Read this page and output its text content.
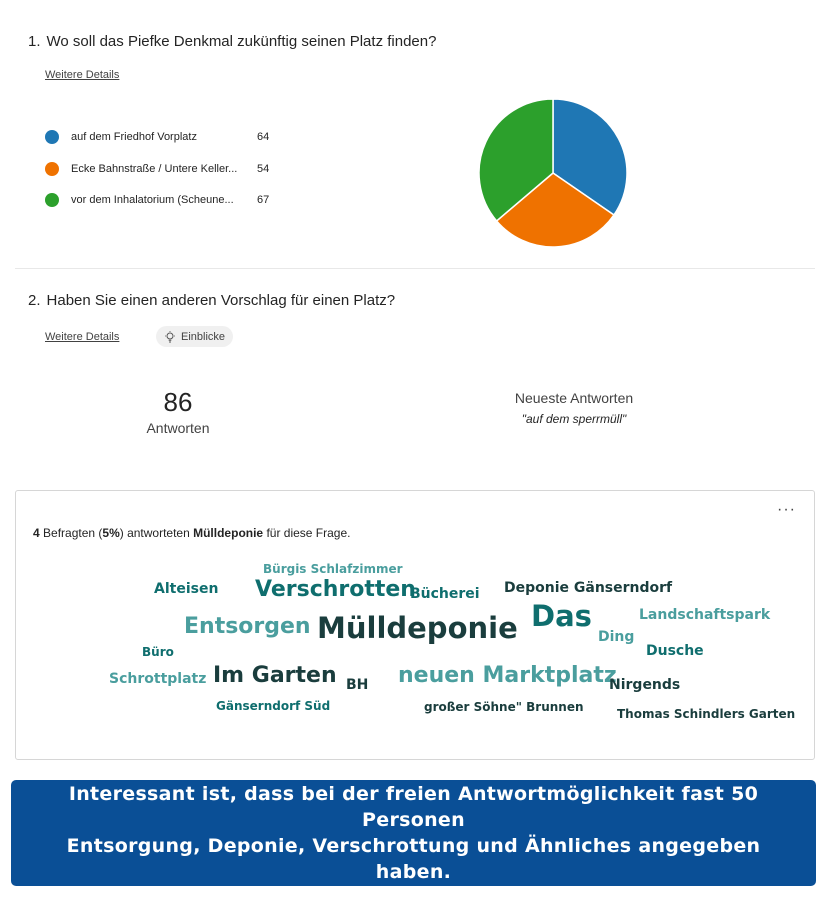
1. Wo soll das Piefke Denkmal zukünftig seinen Platz finden?
Weitere Details
auf dem Friedhof Vorplatz	64
Ecke Bahnstraße / Untere Keller...	54
vor dem Inhalatorium (Scheune...	67
2. Haben Sie einen anderen Vorschlag für einen Platz?
Weitere Details	Einblicke
86
Antworten
Neueste Antworten
"auf dem sperrmüll"
···
4 Befragten (5%) antworteten Mülldeponie für diese Frage.
Bürgis Schlafzimmer
Alteisen Verschrotten
Bücherei Deponie Gänserndorf
Das	Landschaftspark
Entsorgen Mülldeponie	Ding
Büro	Dusche
Schrottplatz Im Garten BH neuen Marktplatz
Nirgends
Gänserndorf Süd	großer Söhne" Brunnen	Thomas Schindlers Garten
Interessant ist, dass bei der freien Antwortmöglichkeit fast 50 Personen
Entsorgung, Deponie, Verschrottung und Ähnliches angegeben haben.
